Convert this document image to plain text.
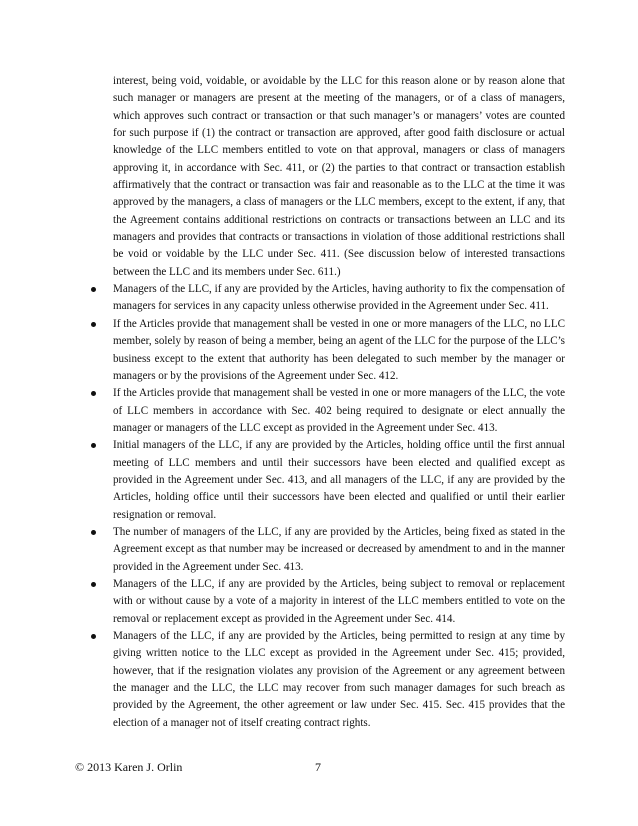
interest, being void, voidable, or avoidable by the LLC for this reason alone or by reason alone that such manager or managers are present at the meeting of the managers, or of a class of managers, which approves such contract or transaction or that such manager’s or managers’ votes are counted for such purpose if (1) the contract or transaction are approved, after good faith disclosure or actual knowledge of the LLC members entitled to vote on that approval, managers or class of managers approving it, in accordance with Sec. 411, or (2) the parties to that contract or transaction establish affirmatively that the contract or transaction was fair and reasonable as to the LLC at the time it was approved by the managers, a class of managers or the LLC members, except to the extent, if any, that the Agreement contains additional restrictions on contracts or transactions between an LLC and its managers and provides that contracts or transactions in violation of those additional restrictions shall be void or voidable by the LLC under Sec. 411. (See discussion below of interested transactions between the LLC and its members under Sec. 611.)

Managers of the LLC, if any are provided by the Articles, having authority to fix the compensation of managers for services in any capacity unless otherwise provided in the Agreement under Sec. 411.
If the Articles provide that management shall be vested in one or more managers of the LLC, no LLC member, solely by reason of being a member, being an agent of the LLC for the purpose of the LLC’s business except to the extent that authority has been delegated to such member by the manager or managers or by the provisions of the Agreement under Sec. 412.
If the Articles provide that management shall be vested in one or more managers of the LLC, the vote of LLC members in accordance with Sec. 402 being required to designate or elect annually the manager or managers of the LLC except as provided in the Agreement under Sec. 413.
Initial managers of the LLC, if any are provided by the Articles, holding office until the first annual meeting of LLC members and until their successors have been elected and qualified except as provided in the Agreement under Sec. 413, and all managers of the LLC, if any are provided by the Articles, holding office until their successors have been elected and qualified or until their earlier resignation or removal.
The number of managers of the LLC, if any are provided by the Articles, being fixed as stated in the Agreement except as that number may be increased or decreased by amendment to and in the manner provided in the Agreement under Sec. 413.
Managers of the LLC, if any are provided by the Articles, being subject to removal or replacement with or without cause by a vote of a majority in interest of the LLC members entitled to vote on the removal or replacement except as provided in the Agreement under Sec. 414.
Managers of the LLC, if any are provided by the Articles, being permitted to resign at any time by giving written notice to the LLC except as provided in the Agreement under Sec. 415; provided, however, that if the resignation violates any provision of the Agreement or any agreement between the manager and the LLC, the LLC may recover from such manager damages for such breach as provided by the Agreement, the other agreement or law under Sec. 415. Sec. 415 provides that the election of a manager not of itself creating contract rights.
© 2013 Karen J. Orlin	7
